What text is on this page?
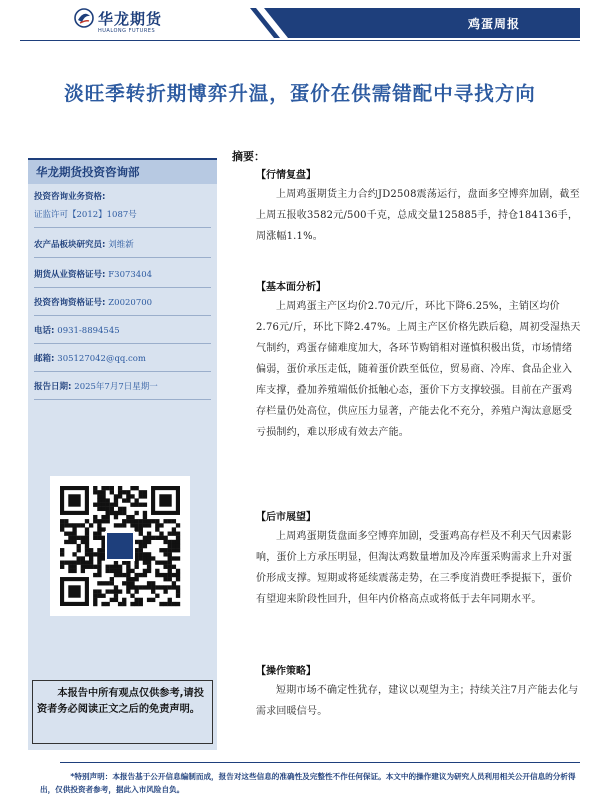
华龙期货
HUALONG FUTURES	鸡蛋周报
淡旺季转折期博弈升温，蛋价在供需错配中寻找方向
华龙期货投资咨询部
投资咨询业务资格:
证监许可【2012】1087号
农产品板块研究员: 刘维新
期货从业资格证号: F3073404
投资咨询资格证号: Z0020700
电话: 0931-8894545
邮箱: 305127042@qq.com
报告日期: 2025年7月7日星期一

本报告中所有观点仅供参考,请投资者务必阅读正文之后的免责声明。

摘要：
【行情复盘】
上周鸡蛋期货主力合约JD2508震荡运行，盘面多空博弈加剧，截至上周五报收3582元/500千克，总成交量125885手，持仓184136手，周涨幅1.1%。
【基本面分析】
上周鸡蛋主产区均价2.70元/斤，环比下降6.25%，主销区均价2.76元/斤，环比下降2.47%。上周主产区价格先跌后稳，周初受湿热天气制约，鸡蛋存储难度加大，各环节购销相对谨慎积极出货，市场情绪偏弱，蛋价承压走低，随着蛋价跌至低位，贸易商、冷库、食品企业入库支撑，叠加养殖端低价抵触心态，蛋价下方支撑较强。目前在产蛋鸡存栏量仍处高位，供应压力显著，产能去化不充分，养殖户淘汰意愿受亏损制约，难以形成有效去产能。
【后市展望】
上周鸡蛋期货盘面多空博弈加剧，受蛋鸡高存栏及不利天气因素影响，蛋价上方承压明显，但淘汰鸡数量增加及冷库蛋采购需求上升对蛋价形成支撑。短期或将延续震荡走势，在三季度消费旺季提振下，蛋价有望迎来阶段性回升，但年内价格高点或将低于去年同期水平。
【操作策略】
短期市场不确定性犹存，建议以观望为主；持续关注7月产能去化与需求回暖信号。
*特别声明：本报告基于公开信息编制而成，报告对这些信息的准确性及完整性不作任何保证。本文中的操作建议为研究人员利用相关公开信息的分析得出，仅供投资者参考，据此入市风险自负。
